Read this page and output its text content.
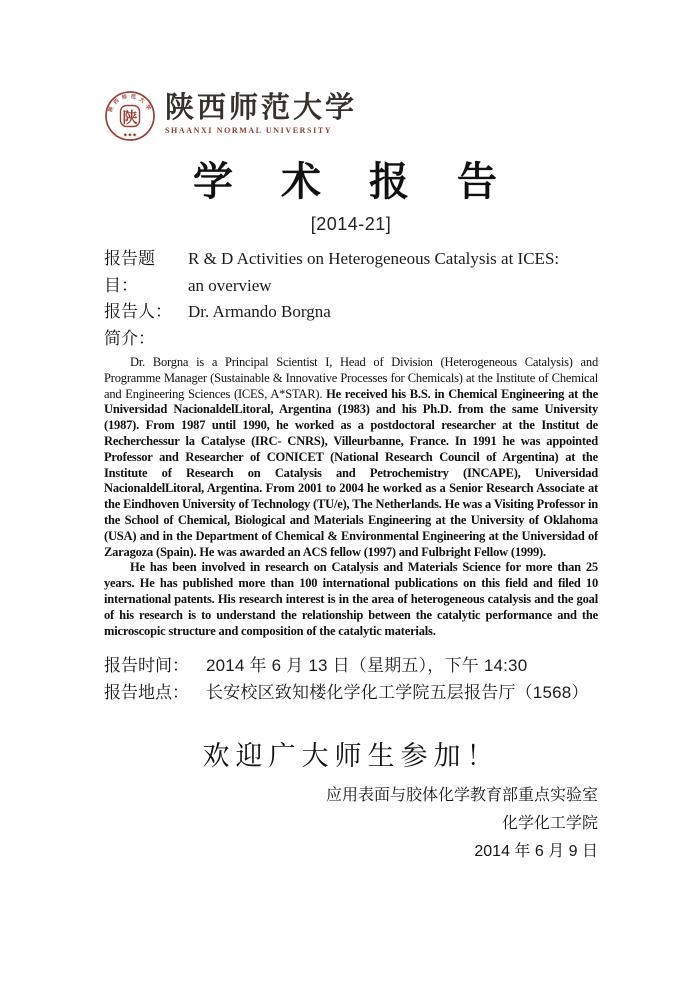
陕 西 师 范 大 学
陕
◆ ◆ ◆
陕西师范大学
SHAANXI NORMAL UNIVERSITY
学 术 报 告
[2014-21]
报告题目：
R & D Activities on Heterogeneous Catalysis at ICES:
an overview
报告人： Dr. Armando Borgna
简介：

Dr. Borgna is a Principal Scientist I, Head of Division (Heterogeneous Catalysis) and Programme Manager (Sustainable & Innovative Processes for Chemicals) at the Institute of Chemical and Engineering Sciences (ICES, A*STAR). He received his B.S. in Chemical Engineering at the Universidad NacionaldelLitoral, Argentina (1983) and his Ph.D. from the same University (1987). From 1987 until 1990, he worked as a postdoctoral researcher at the Institut de Recherchessur la Catalyse (IRC- CNRS), Villeurbanne, France. In 1991 he was appointed Professor and Researcher of CONICET (National Research Council of Argentina) at the Institute of Research on Catalysis and Petrochemistry (INCAPE), Universidad NacionaldelLitoral, Argentina. From 2001 to 2004 he worked as a Senior Research Associate at the Eindhoven University of Technology (TU/e), The Netherlands. He was a Visiting Professor in the School of Chemical, Biological and Materials Engineering at the University of Oklahoma (USA) and in the Department of Chemical & Environmental Engineering at the Universidad of Zaragoza (Spain). He was awarded an ACS fellow (1997) and Fulbright Fellow (1999).

He has been involved in research on Catalysis and Materials Science for more than 25 years. He has published more than 100 international publications on this field and filed 10 international patents. His research interest is in the area of heterogeneous catalysis and the goal of his research is to understand the relationship between the catalytic performance and the microscopic structure and composition of the catalytic materials.

报告时间：	2014 年 6 月 13 日（星期五），下午 14:30
报告地点：	长安校区致知楼化学化工学院五层报告厅（1568）
欢迎广大师生参加！
应用表面与胶体化学教育部重点实验室
化学化工学院
2014 年 6 月 9 日
